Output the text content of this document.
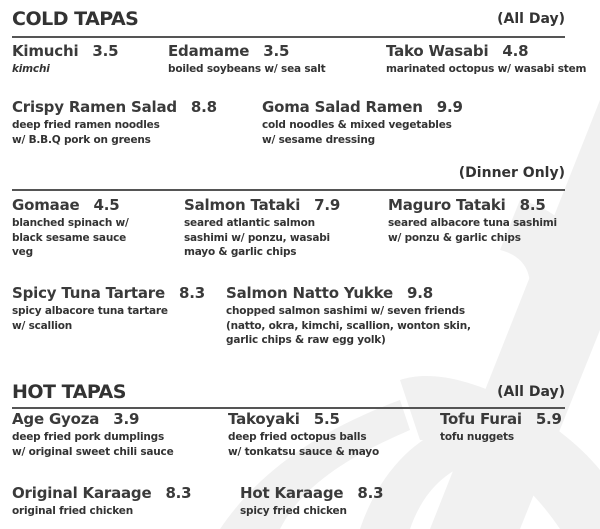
COLD TAPAS	(All Day)
(Dinner Only)
HOT TAPAS	(All Day)
Kimuchi 3.5
kimchi
Edamame 3.5
boiled soybeans w/ sea salt
Tako Wasabi 4.8
marinated octopus w/ wasabi stem
Crispy Ramen Salad 8.8
deep fried ramen noodles
w/ B.B.Q pork on greens
Goma Salad Ramen 9.9
cold noodles & mixed vegetables
w/ sesame dressing
Gomaae 4.5
blanched spinach w/
black sesame sauce
veg
Salmon Tataki 7.9
seared atlantic salmon
sashimi w/ ponzu, wasabi
mayo & garlic chips
Maguro Tataki 8.5
seared albacore tuna sashimi
w/ ponzu & garlic chips
Spicy Tuna Tartare 8.3
spicy albacore tuna tartare
w/ scallion
Salmon Natto Yukke 9.8
chopped salmon sashimi w/ seven friends
(natto, okra, kimchi, scallion, wonton skin,
garlic chips & raw egg yolk)
Age Gyoza 3.9
deep fried pork dumplings
w/ original sweet chili sauce
Takoyaki 5.5
deep fried octopus balls
w/ tonkatsu sauce & mayo
Tofu Furai 5.9
tofu nuggets
Original Karaage 8.3
original fried chicken
Hot Karaage 8.3
spicy fried chicken
